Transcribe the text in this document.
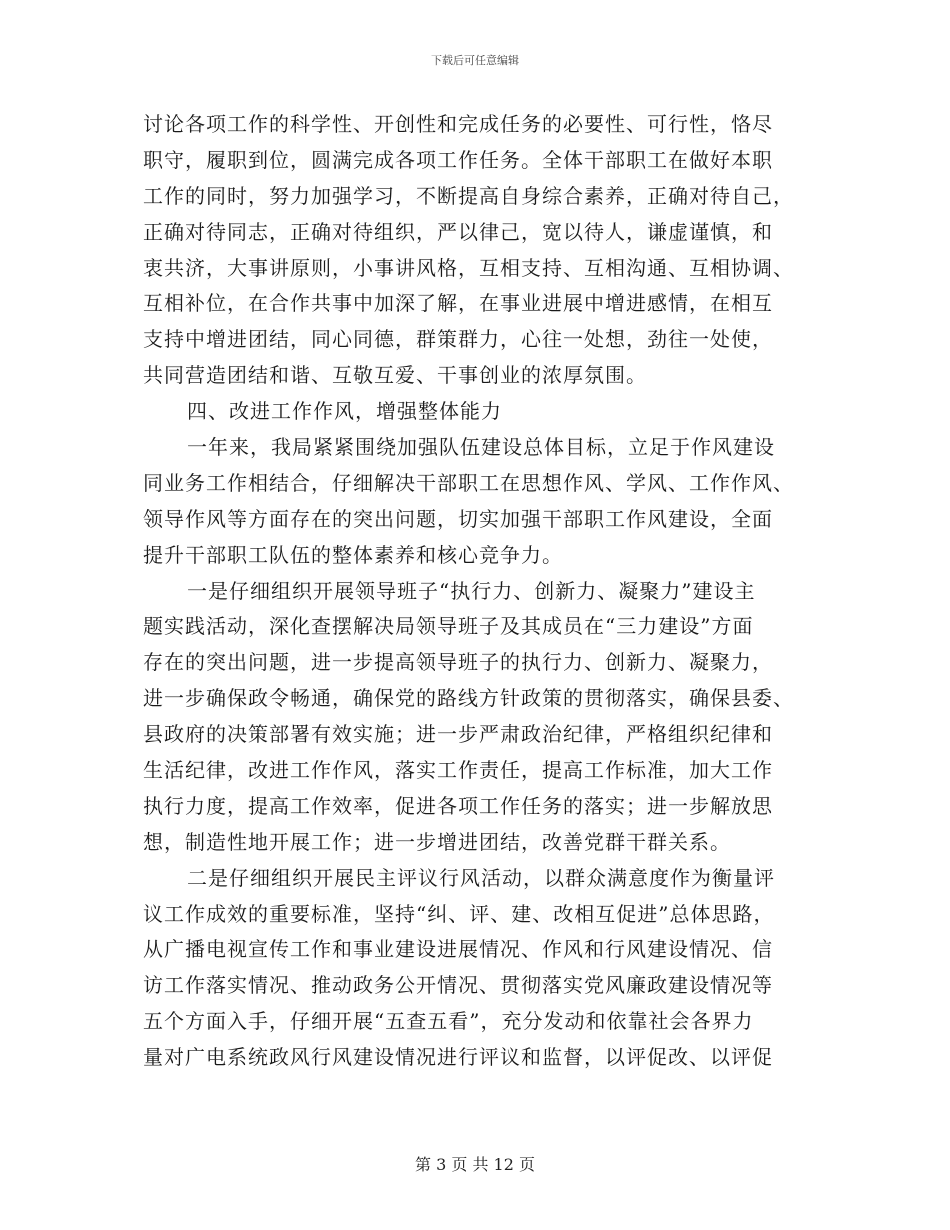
下载后可任意编辑
讨论各项工作的科学性、开创性和完成任务的必要性、可行性，恪尽
职守，履职到位，圆满完成各项工作任务。全体干部职工在做好本职
工作的同时，努力加强学习，不断提高自身综合素养，正确对待自己，
正确对待同志，正确对待组织，严以律己，宽以待人，谦虚谨慎，和
衷共济，大事讲原则，小事讲风格，互相支持、互相沟通、互相协调、
互相补位，在合作共事中加深了解，在事业进展中增进感情，在相互
支持中增进团结，同心同德，群策群力，心往一处想，劲往一处使，
共同营造团结和谐、互敬互爱、干事创业的浓厚氛围。
四、改进工作作风，增强整体能力
一年来，我局紧紧围绕加强队伍建设总体目标，立足于作风建设
同业务工作相结合，仔细解决干部职工在思想作风、学风、工作作风、
领导作风等方面存在的突出问题，切实加强干部职工作风建设，全面
提升干部职工队伍的整体素养和核心竞争力。
一是仔细组织开展领导班子“执行力、创新力、凝聚力”建设主
题实践活动，深化查摆解决局领导班子及其成员在“三力建设”方面
存在的突出问题，进一步提高领导班子的执行力、创新力、凝聚力，
进一步确保政令畅通，确保党的路线方针政策的贯彻落实，确保县委、
县政府的决策部署有效实施；进一步严肃政治纪律，严格组织纪律和
生活纪律，改进工作作风，落实工作责任，提高工作标准，加大工作
执行力度，提高工作效率，促进各项工作任务的落实；进一步解放思
想，制造性地开展工作；进一步增进团结，改善党群干群关系。
二是仔细组织开展民主评议行风活动，以群众满意度作为衡量评
议工作成效的重要标准，坚持“纠、评、建、改相互促进”总体思路，
从广播电视宣传工作和事业建设进展情况、作风和行风建设情况、信
访工作落实情况、推动政务公开情况、贯彻落实党风廉政建设情况等
五个方面入手，仔细开展“五查五看”，充分发动和依靠社会各界力
量对广电系统政风行风建设情况进行评议和监督，以评促改、以评促
第 3 页 共 12 页
